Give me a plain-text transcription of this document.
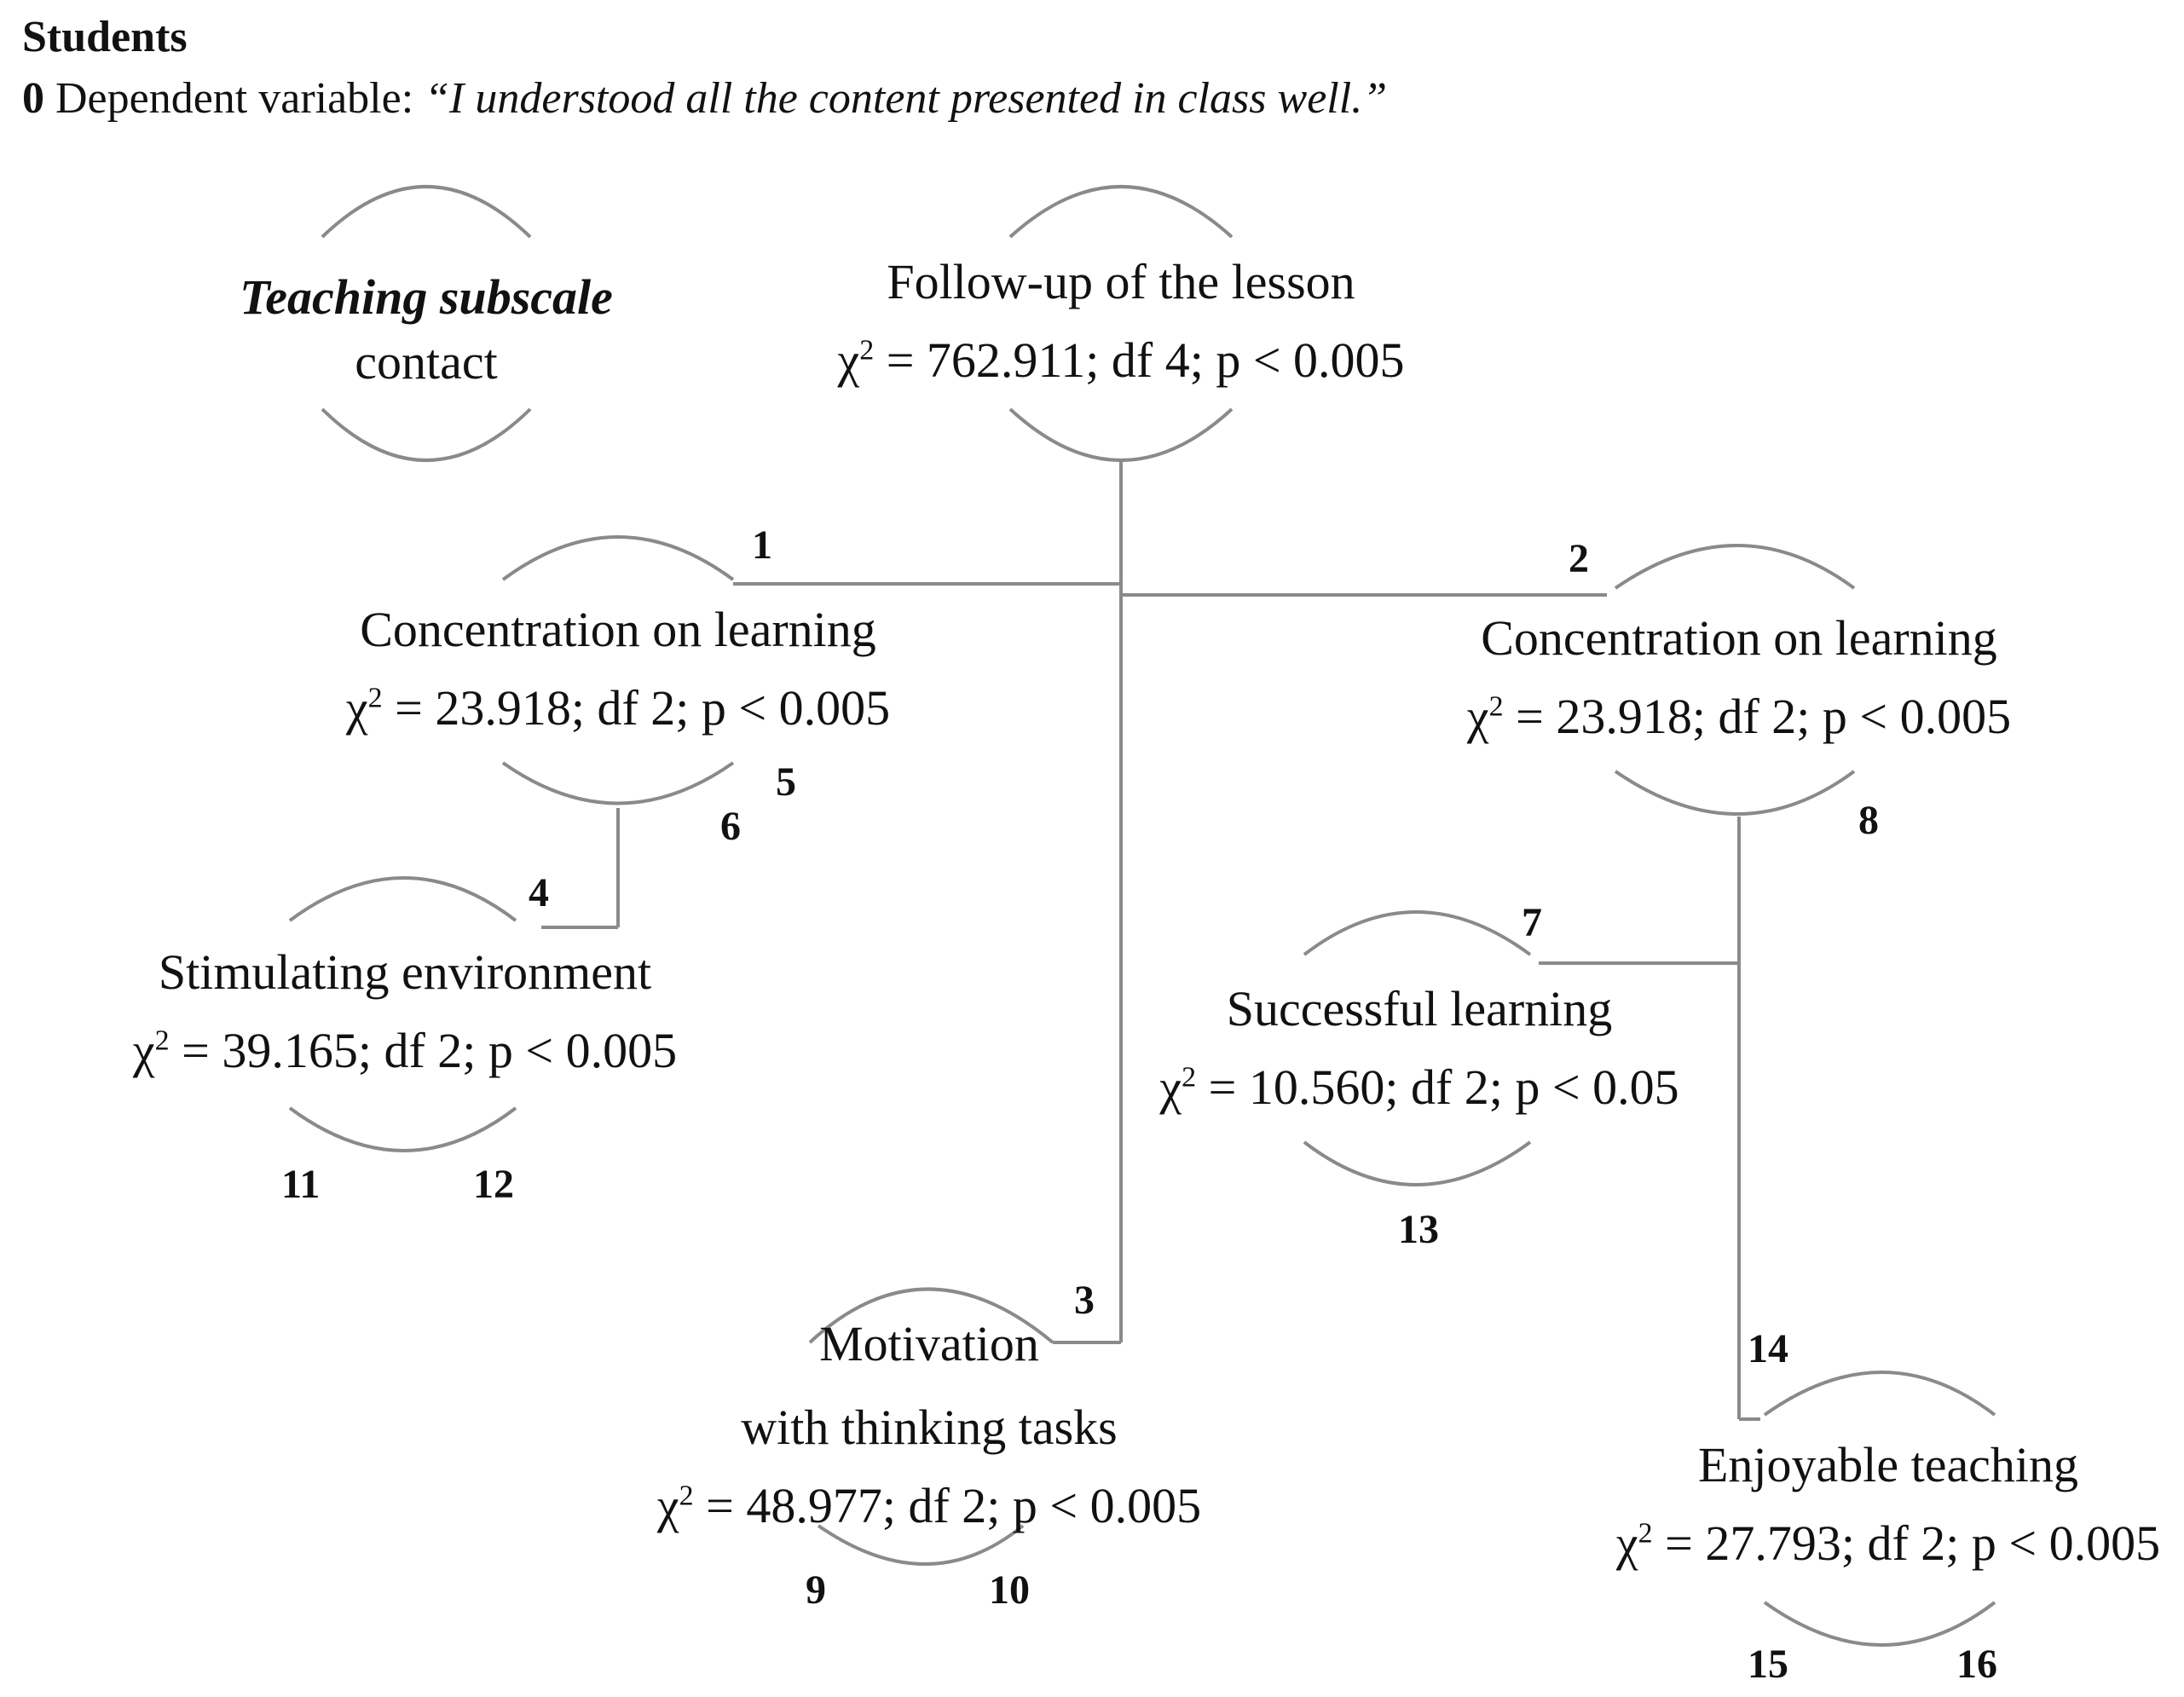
Students
0 Dependent variable: “I understood all the content presented in class well.”
Teaching subscale
contact
Follow-up of the lesson
$\chi^2 = 762.911$; df 4; p < 0.005
Concentration on learning
$\chi^2 = 23.918$; df 2; p < 0.005
Concentration on learning
$\chi^2 = 23.918$; df 2; p < 0.005
Stimulating environment
$\chi^2 = 39.165$; df 2; p < 0.005
Successful learning
$\chi^2 = 10.560$; df 2; p < 0.05
Motivation
with thinking tasks
$\chi^2 = 48.977$; df 2; p < 0.005
Enjoyable teaching
$\chi^2 = 27.793$; df 2; p < 0.005
1	2
3
4
5
6
7
8
9	10
11	12
13
14
15	16
